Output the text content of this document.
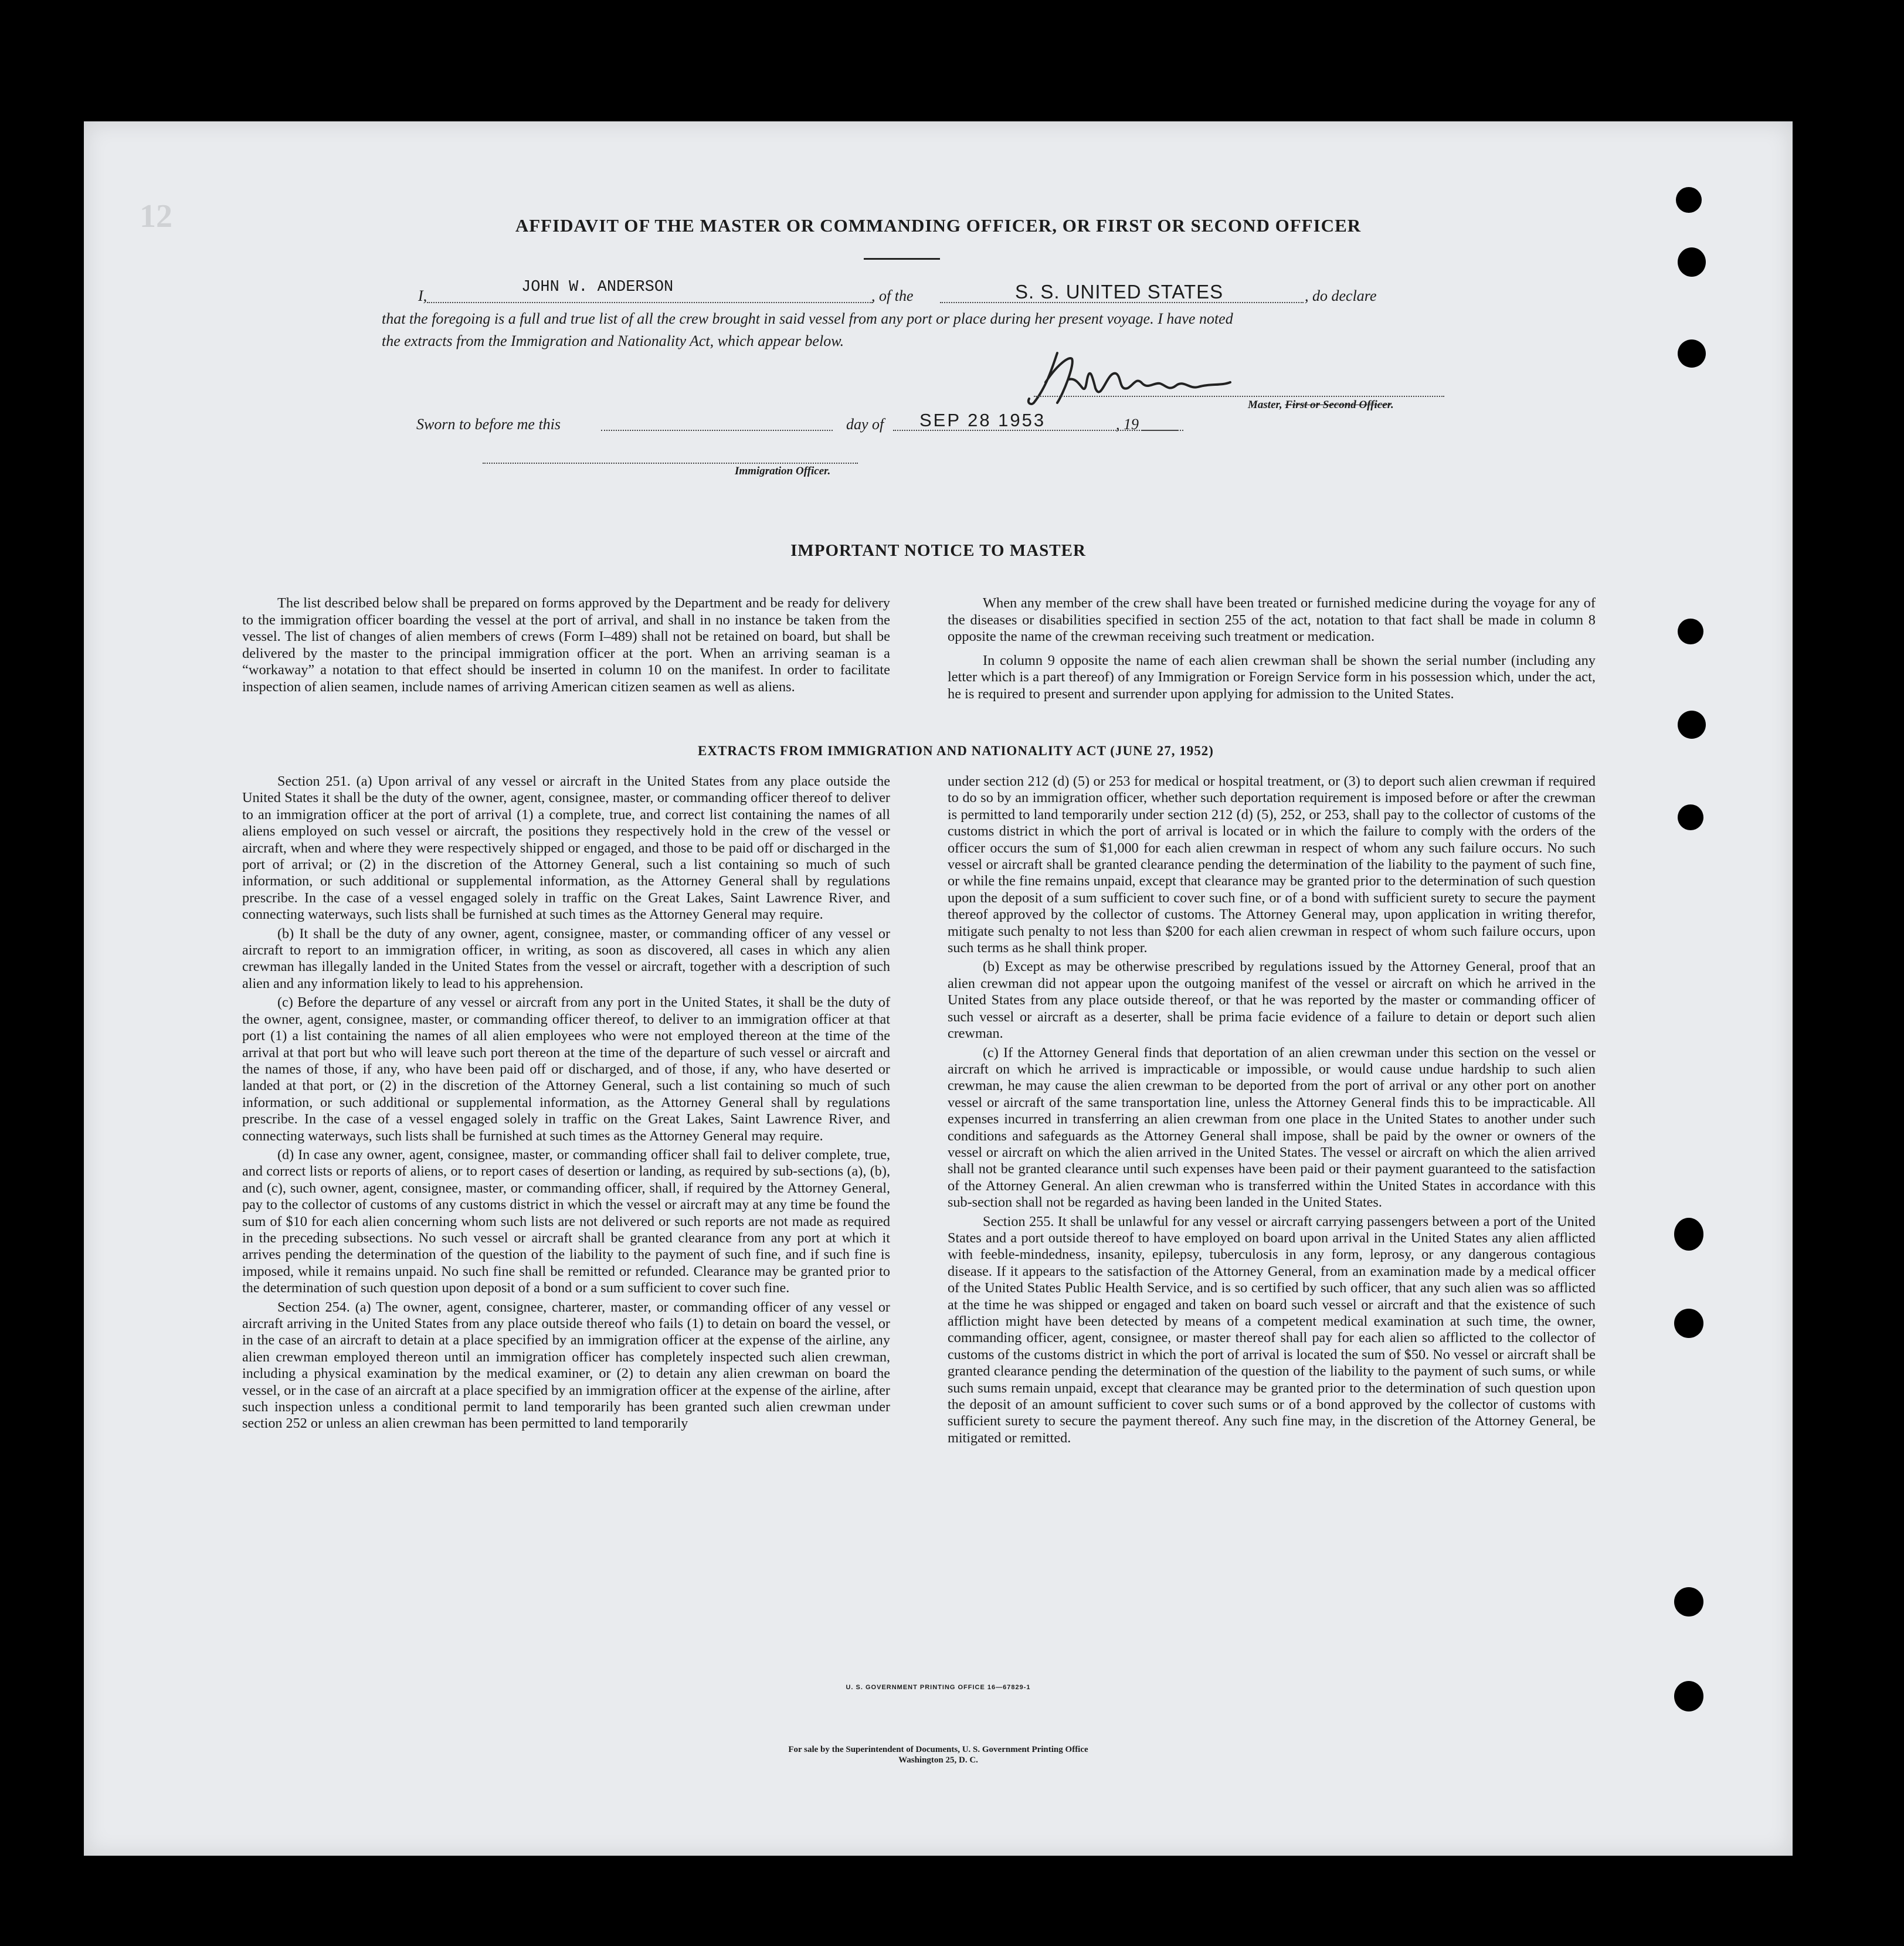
12	AFFIDAVIT OF THE MASTER OR COMMANDING OFFICER, OR FIRST OR SECOND OFFICER
I,	JOHN W. ANDERSON	, of the	S. S. UNITED STATES	, do declare
that the foregoing is a full and true list of all the crew brought in said vessel from any port or place during her present voyage. I have noted
the extracts from the Immigration and Nationality Act, which appear below.
Master, First or Second Officer.
Sworn to before me this	day of SEP 28 1953	, 19
Immigration Officer.
IMPORTANT NOTICE TO MASTER

The list described below shall be prepared on forms approved by the Department and be ready for delivery to the immigration officer boarding the vessel at the port of arrival, and shall in no instance be taken from the vessel. The list of changes of alien members of crews (Form I–489) shall not be retained on board, but shall be delivered by the master to the principal immigration officer at the port. When an arriving seaman is a “workaway” a notation to that effect should be inserted in column 10 on the manifest. In order to facilitate inspection of alien seamen, include names of arriving American citizen seamen as well as aliens.

When any member of the crew shall have been treated or furnished medicine during the voyage for any of the diseases or disabilities specified in section 255 of the act, notation to that fact shall be made in column 8 opposite the name of the crewman receiving such treatment or medication.

In column 9 opposite the name of each alien crewman shall be shown the serial number (including any letter which is a part thereof) of any Immigration or Foreign Service form in his possession which, under the act, he is required to present and surrender upon applying for admission to the United States.

EXTRACTS FROM IMMIGRATION AND NATIONALITY ACT (JUNE 27, 1952)

Section 251. (a) Upon arrival of any vessel or aircraft in the United States from any place outside the United States it shall be the duty of the owner, agent, consignee, master, or commanding officer thereof to deliver to an immigration officer at the port of arrival (1) a complete, true, and correct list containing the names of all aliens employed on such vessel or aircraft, the positions they respectively hold in the crew of the vessel or aircraft, when and where they were respectively shipped or engaged, and those to be paid off or discharged in the port of arrival; or (2) in the discretion of the Attorney General, such a list containing so much of such information, or such additional or supplemental information, as the Attorney General shall by regulations prescribe. In the case of a vessel engaged solely in traffic on the Great Lakes, Saint Lawrence River, and connecting waterways, such lists shall be furnished at such times as the Attorney General may require.

(b) It shall be the duty of any owner, agent, consignee, master, or commanding officer of any vessel or aircraft to report to an immigration officer, in writing, as soon as discovered, all cases in which any alien crewman has illegally landed in the United States from the vessel or aircraft, together with a description of such alien and any information likely to lead to his apprehension.

(c) Before the departure of any vessel or aircraft from any port in the United States, it shall be the duty of the owner, agent, consignee, master, or commanding officer thereof, to deliver to an immigration officer at that port (1) a list containing the names of all alien employees who were not employed thereon at the time of the arrival at that port but who will leave such port thereon at the time of the departure of such vessel or aircraft and the names of those, if any, who have been paid off or discharged, and of those, if any, who have deserted or landed at that port, or (2) in the discretion of the Attorney General, such a list containing so much of such information, or such additional or supplemental information, as the Attorney General shall by regulations prescribe. In the case of a vessel engaged solely in traffic on the Great Lakes, Saint Lawrence River, and connecting waterways, such lists shall be furnished at such times as the Attorney General may require.

(d) In case any owner, agent, consignee, master, or commanding officer shall fail to deliver complete, true, and correct lists or reports of aliens, or to report cases of desertion or landing, as required by sub-sections (a), (b), and (c), such owner, agent, consignee, master, or commanding officer, shall, if required by the Attorney General, pay to the collector of customs of any customs district in which the vessel or aircraft may at any time be found the sum of $10 for each alien concerning whom such lists are not delivered or such reports are not made as required in the preceding subsections. No such vessel or aircraft shall be granted clearance from any port at which it arrives pending the determination of the question of the liability to the payment of such fine, and if such fine is imposed, while it remains unpaid. No such fine shall be remitted or refunded. Clearance may be granted prior to the determination of such question upon deposit of a bond or a sum sufficient to cover such fine.

Section 254. (a) The owner, agent, consignee, charterer, master, or commanding officer of any vessel or aircraft arriving in the United States from any place outside thereof who fails (1) to detain on board the vessel, or in the case of an aircraft to detain at a place specified by an immigration officer at the expense of the airline, any alien crewman employed thereon until an immigration officer has completely inspected such alien crewman, including a physical examination by the medical examiner, or (2) to detain any alien crewman on board the vessel, or in the case of an aircraft at a place specified by an immigration officer at the expense of the airline, after such inspection unless a conditional permit to land temporarily has been granted such alien crewman under section 252 or unless an alien crewman has been permitted to land temporarily

under section 212 (d) (5) or 253 for medical or hospital treatment, or (3) to deport such alien crewman if required to do so by an immigration officer, whether such deportation requirement is imposed before or after the crewman is permitted to land temporarily under section 212 (d) (5), 252, or 253, shall pay to the collector of customs of the customs district in which the port of arrival is located or in which the failure to comply with the orders of the officer occurs the sum of $1,000 for each alien crewman in respect of whom any such failure occurs. No such vessel or aircraft shall be granted clearance pending the determination of the liability to the payment of such fine, or while the fine remains unpaid, except that clearance may be granted prior to the determination of such question upon the deposit of a sum sufficient to cover such fine, or of a bond with sufficient surety to secure the payment thereof approved by the collector of customs. The Attorney General may, upon application in writing therefor, mitigate such penalty to not less than $200 for each alien crewman in respect of whom such failure occurs, upon such terms as he shall think proper.

(b) Except as may be otherwise prescribed by regulations issued by the Attorney General, proof that an alien crewman did not appear upon the outgoing manifest of the vessel or aircraft on which he arrived in the United States from any place outside thereof, or that he was reported by the master or commanding officer of such vessel or aircraft as a deserter, shall be prima facie evidence of a failure to detain or deport such alien crewman.

(c) If the Attorney General finds that deportation of an alien crewman under this section on the vessel or aircraft on which he arrived is impracticable or impossible, or would cause undue hardship to such alien crewman, he may cause the alien crewman to be deported from the port of arrival or any other port on another vessel or aircraft of the same transportation line, unless the Attorney General finds this to be impracticable. All expenses incurred in transferring an alien crewman from one place in the United States to another under such conditions and safeguards as the Attorney General shall impose, shall be paid by the owner or owners of the vessel or aircraft on which the alien arrived in the United States. The vessel or aircraft on which the alien arrived shall not be granted clearance until such expenses have been paid or their payment guaranteed to the satisfaction of the Attorney General. An alien crewman who is transferred within the United States in accordance with this sub-section shall not be regarded as having been landed in the United States.

Section 255. It shall be unlawful for any vessel or aircraft carrying passengers between a port of the United States and a port outside thereof to have employed on board upon arrival in the United States any alien afflicted with feeble-mindedness, insanity, epilepsy, tuberculosis in any form, leprosy, or any dangerous contagious disease. If it appears to the satisfaction of the Attorney General, from an examination made by a medical officer of the United States Public Health Service, and is so certified by such officer, that any such alien was so afflicted at the time he was shipped or engaged and taken on board such vessel or aircraft and that the existence of such affliction might have been detected by means of a competent medical examination at such time, the owner, commanding officer, agent, consignee, or master thereof shall pay for each alien so afflicted to the collector of customs of the customs district in which the port of arrival is located the sum of $50. No vessel or aircraft shall be granted clearance pending the determination of the question of the liability to the payment of such sums, or while such sums remain unpaid, except that clearance may be granted prior to the determination of such question upon the deposit of an amount sufficient to cover such sums or of a bond approved by the collector of customs with sufficient surety to secure the payment thereof. Any such fine may, in the discretion of the Attorney General, be mitigated or remitted.

U. S. GOVERNMENT PRINTING OFFICE 16—67829-1
For sale by the Superintendent of Documents, U. S. Government Printing Office
Washington 25, D. C.
